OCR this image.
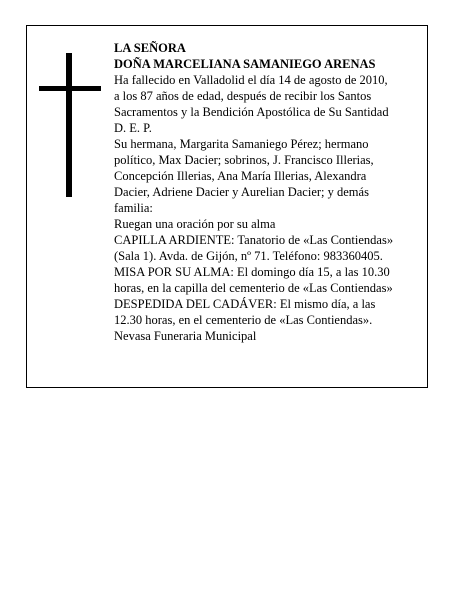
LA SEÑORA

DOÑA MARCELIANA SAMANIEGO ARENAS

Ha fallecido en Valladolid el día 14 de agosto de 2010,

a los 87 años de edad, después de recibir los Santos

Sacramentos y la Bendición Apostólica de Su Santidad

D. E. P.

Su hermana, Margarita Samaniego Pérez; hermano

político, Max Dacier; sobrinos, J. Francisco Illerias,

Concepción Illerias, Ana María Illerias, Alexandra

Dacier, Adriene Dacier y Aurelian Dacier; y demás

familia:

Ruegan una oración por su alma

CAPILLA ARDIENTE: Tanatorio de «Las Contiendas»

(Sala 1). Avda. de Gijón, nº 71. Teléfono: 983360405.

MISA POR SU ALMA: El domingo día 15, a las 10.30

horas, en la capilla del cementerio de «Las Contiendas»

DESPEDIDA DEL CADÁVER: El mismo día, a las

12.30 horas, en el cementerio de «Las Contiendas».

Nevasa Funeraria Municipal
